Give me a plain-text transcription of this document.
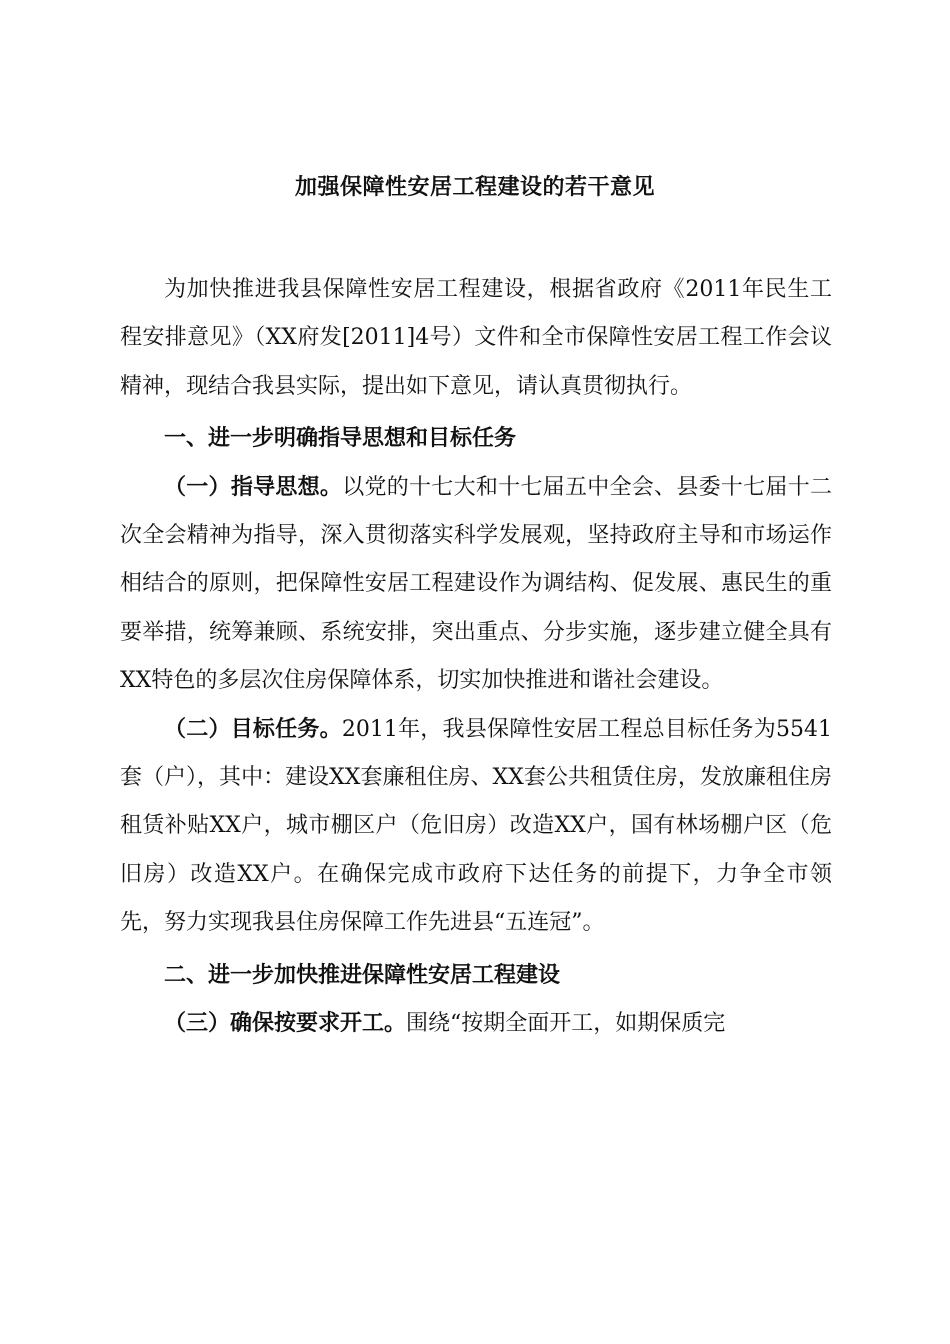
加强保障性安居工程建设的若干意见

为加快推进我县保障性安居工程建设，根据省政府《2011年民生工程安排意见》（XX府发[2011]4号）文件和全市保障性安居工程工作会议精神，现结合我县实际，提出如下意见，请认真贯彻执行。

一、进一步明确指导思想和目标任务

（一）指导思想。以党的十七大和十七届五中全会、县委十七届十二次全会精神为指导，深入贯彻落实科学发展观，坚持政府主导和市场运作相结合的原则，把保障性安居工程建设作为调结构、促发展、惠民生的重要举措，统筹兼顾、系统安排，突出重点、分步实施，逐步建立健全具有XX特色的多层次住房保障体系，切实加快推进和谐社会建设。

（二）目标任务。2011年，我县保障性安居工程总目标任务为5541套（户），其中：建设XX套廉租住房、XX套公共租赁住房，发放廉租住房租赁补贴XX户，城市棚区户（危旧房）改造XX户，国有林场棚户区（危旧房）改造XX户。在确保完成市政府下达任务的前提下，力争全市领先，努力实现我县住房保障工作先进县“五连冠”。

二、进一步加快推进保障性安居工程建设

（三）确保按要求开工。围绕“按期全面开工，如期保质完
